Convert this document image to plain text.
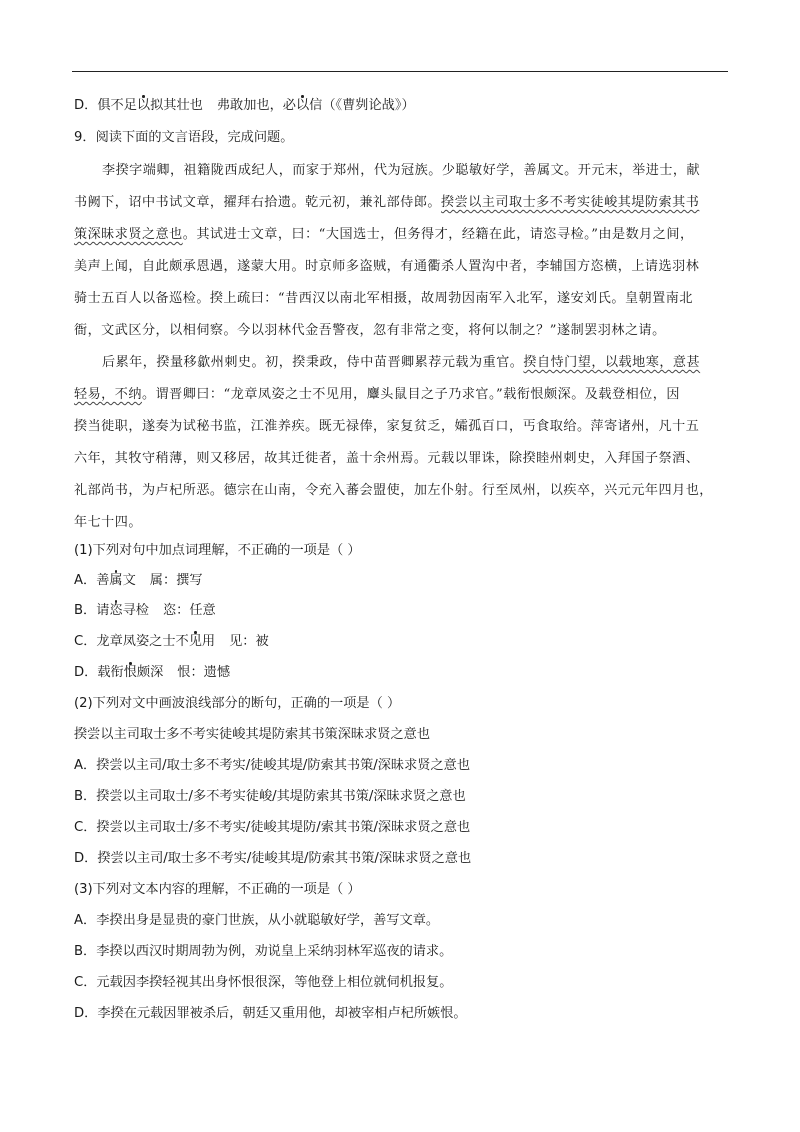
D．俱不足以拟其壮也 弗敢加也，必以信（《曹刿论战》）
9．阅读下面的文言语段，完成问题。
李揆字端卿，祖籍陇西成纪人，而家于郑州，代为冠族。少聪敏好学，善属文。开元末，举进士，献
书阙下，诏中书试文章，擢拜右拾遗。乾元初，兼礼部侍郎。揆尝以主司取士多不考实徒峻其堤防索其书
策深昧求贤之意也。其试进士文章，曰：“大国选士，但务得才，经籍在此，请恣寻检。”由是数月之间，
美声上闻，自此颇承恩遇，遂蒙大用。时京师多盗贼，有通衢杀人置沟中者，李辅国方恣横，上请选羽林
骑士五百人以备巡检。揆上疏曰：“昔西汉以南北军相摄，故周勃因南军入北军，遂安刘氏。皇朝置南北
衙，文武区分，以相伺察。今以羽林代金吾警夜，忽有非常之变，将何以制之？”遂制罢羽林之请。
后累年，揆量移歙州刺史。初，揆秉政，侍中苗晋卿累荐元载为重官。揆自恃门望，以载地寒，意甚
轻易，不纳。谓晋卿曰：“龙章凤姿之士不见用，麞头鼠目之子乃求官。”载衔恨颇深。及载登相位，因
揆当徙职，遂奏为试秘书监，江淮养疾。既无禄俸，家复贫乏，孀孤百口，丐食取给。萍寄诸州，凡十五
六年，其牧守稍薄，则又移居，故其迁徙者，盖十余州焉。元载以罪诛，除揆睦州刺史，入拜国子祭酒、
礼部尚书，为卢杞所恶。德宗在山南，令充入蕃会盟使，加左仆射。行至凤州，以疾卒，兴元元年四月也，
年七十四。
(1)下列对句中加点词理解，不正确的一项是（ ）
A．善属文 属：撰写
B．请恣寻检 恣：任意
C．龙章凤姿之士不见用 见：被
D．载衔恨颇深 恨：遗憾
(2)下列对文中画波浪线部分的断句，正确的一项是（ ）
揆尝以主司取士多不考实徒峻其堤防索其书策深昧求贤之意也
A．揆尝以主司/取士多不考实/徒峻其堤/防索其书策/深昧求贤之意也
B．揆尝以主司取士/多不考实徒峻/其堤防索其书策/深昧求贤之意也
C．揆尝以主司取士/多不考实/徒峻其堤防/索其书策/深昧求贤之意也
D．揆尝以主司/取士多不考实/徒峻其堤/防索其书策/深昧求贤之意也
(3)下列对文本内容的理解，不正确的一项是（ ）
A．李揆出身是显贵的豪门世族，从小就聪敏好学，善写文章。
B．李揆以西汉时期周勃为例，劝说皇上采纳羽林军巡夜的请求。
C．元载因李揆轻视其出身怀恨很深，等他登上相位就伺机报复。
D．李揆在元载因罪被杀后，朝廷又重用他，却被宰相卢杞所嫉恨。
